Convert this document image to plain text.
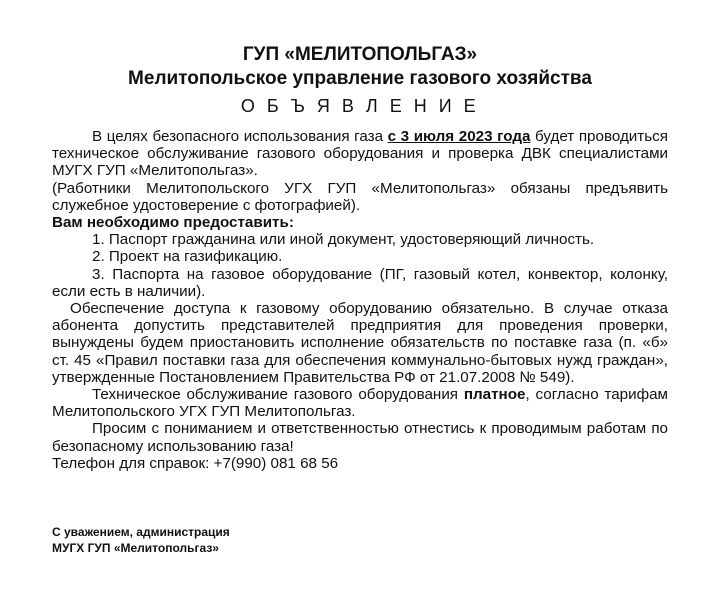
ГУП «МЕЛИТОПОЛЬГАЗ»
Мелитопольское управление газового хозяйства
О Б Ъ Я В Л Е Н И Е

В целях безопасного использования газа с 3 июля 2023 года будет проводиться техническое обслуживание газового оборудования и проверка ДВК специалистами МУГХ ГУП «Мелитопольгаз».

(Работники Мелитопольского УГХ ГУП «Мелитопольгаз» обязаны предъявить служебное удостоверение с фотографией).

Вам необходимо предоставить:

1. Паспорт гражданина или иной документ, удостоверяющий личность.

2. Проект на газификацию.

3. Паспорта на газовое оборудование (ПГ, газовый котел, конвектор, колонку, если есть в наличии).

Обеспечение доступа к газовому оборудованию обязательно. В случае отказа абонента допустить представителей предприятия для проведения проверки, вынуждены будем приостановить исполнение обязательств по поставке газа (п. «б» ст. 45 «Правил поставки газа для обеспечения коммунально-бытовых нужд граждан», утвержденные Постановлением Правительства РФ от 21.07.2008 № 549).

Техническое обслуживание газового оборудования платное, согласно тарифам Мелитопольского УГХ ГУП Мелитопольгаз.

Просим с пониманием и ответственностью отнестись к проводимым работам по безопасному использованию газа!

Телефон для справок: +7(990) 081 68 56

С уважением, администрация
МУГХ ГУП «Мелитопольгаз»
